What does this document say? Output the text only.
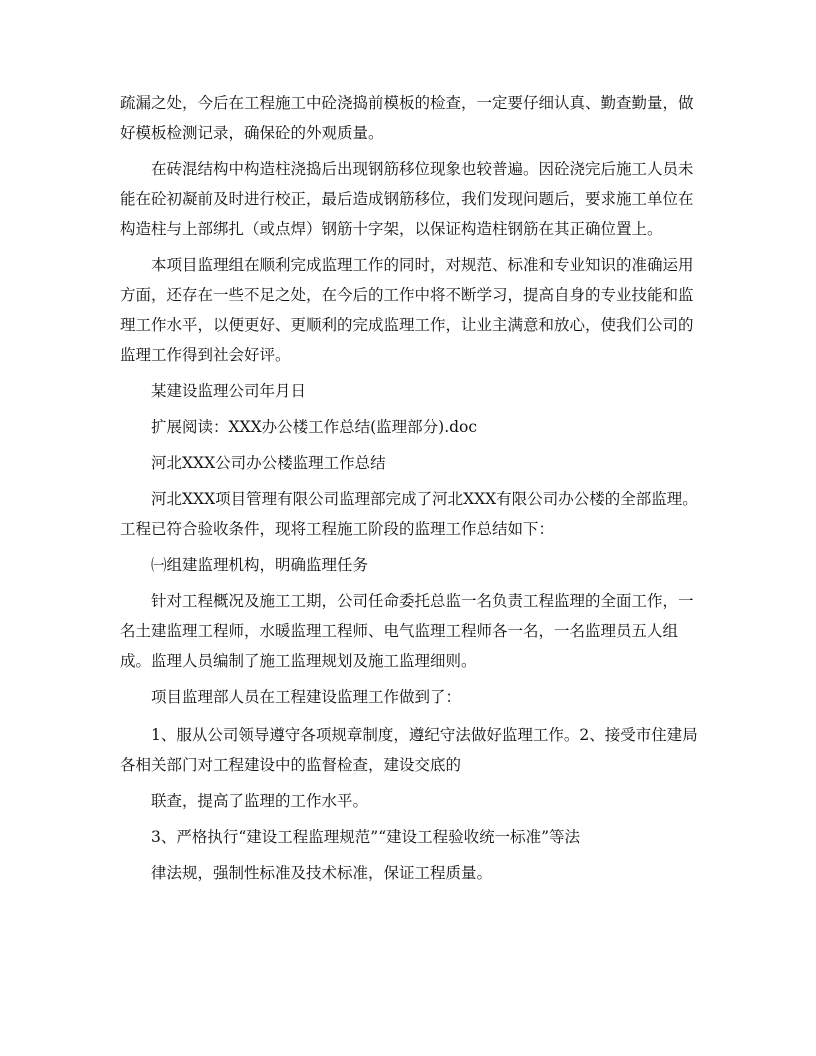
疏漏之处，今后在工程施工中砼浇捣前模板的检查，一定要仔细认真、勤查勤量，做好模板检测记录，确保砼的外观质量。

在砖混结构中构造柱浇捣后出现钢筋移位现象也较普遍。因砼浇完后施工人员未能在砼初凝前及时进行校正，最后造成钢筋移位，我们发现问题后，要求施工单位在构造柱与上部绑扎（或点焊）钢筋十字架，以保证构造柱钢筋在其正确位置上。

本项目监理组在顺利完成监理工作的同时，对规范、标准和专业知识的准确运用方面，还存在一些不足之处，在今后的工作中将不断学习，提高自身的专业技能和监理工作水平，以便更好、更顺利的完成监理工作，让业主满意和放心，使我们公司的监理工作得到社会好评。

某建设监理公司年月日

扩展阅读：XXX办公楼工作总结(监理部分).doc

河北XXX公司办公楼监理工作总结

河北XXX项目管理有限公司监理部完成了河北XXX有限公司办公楼的全部监理。工程已符合验收条件，现将工程施工阶段的监理工作总结如下：

㈠组建监理机构，明确监理任务

针对工程概况及施工工期，公司任命委托总监一名负责工程监理的全面工作，一名土建监理工程师，水暖监理工程师、电气监理工程师各一名，一名监理员五人组成。监理人员编制了施工监理规划及施工监理细则。

项目监理部人员在工程建设监理工作做到了：

1、服从公司领导遵守各项规章制度，遵纪守法做好监理工作。2、接受市住建局各相关部门对工程建设中的监督检查，建设交底的

联查，提高了监理的工作水平。

3、严格执行“建设工程监理规范”“建设工程验收统一标准”等法

律法规，强制性标准及技术标准，保证工程质量。
